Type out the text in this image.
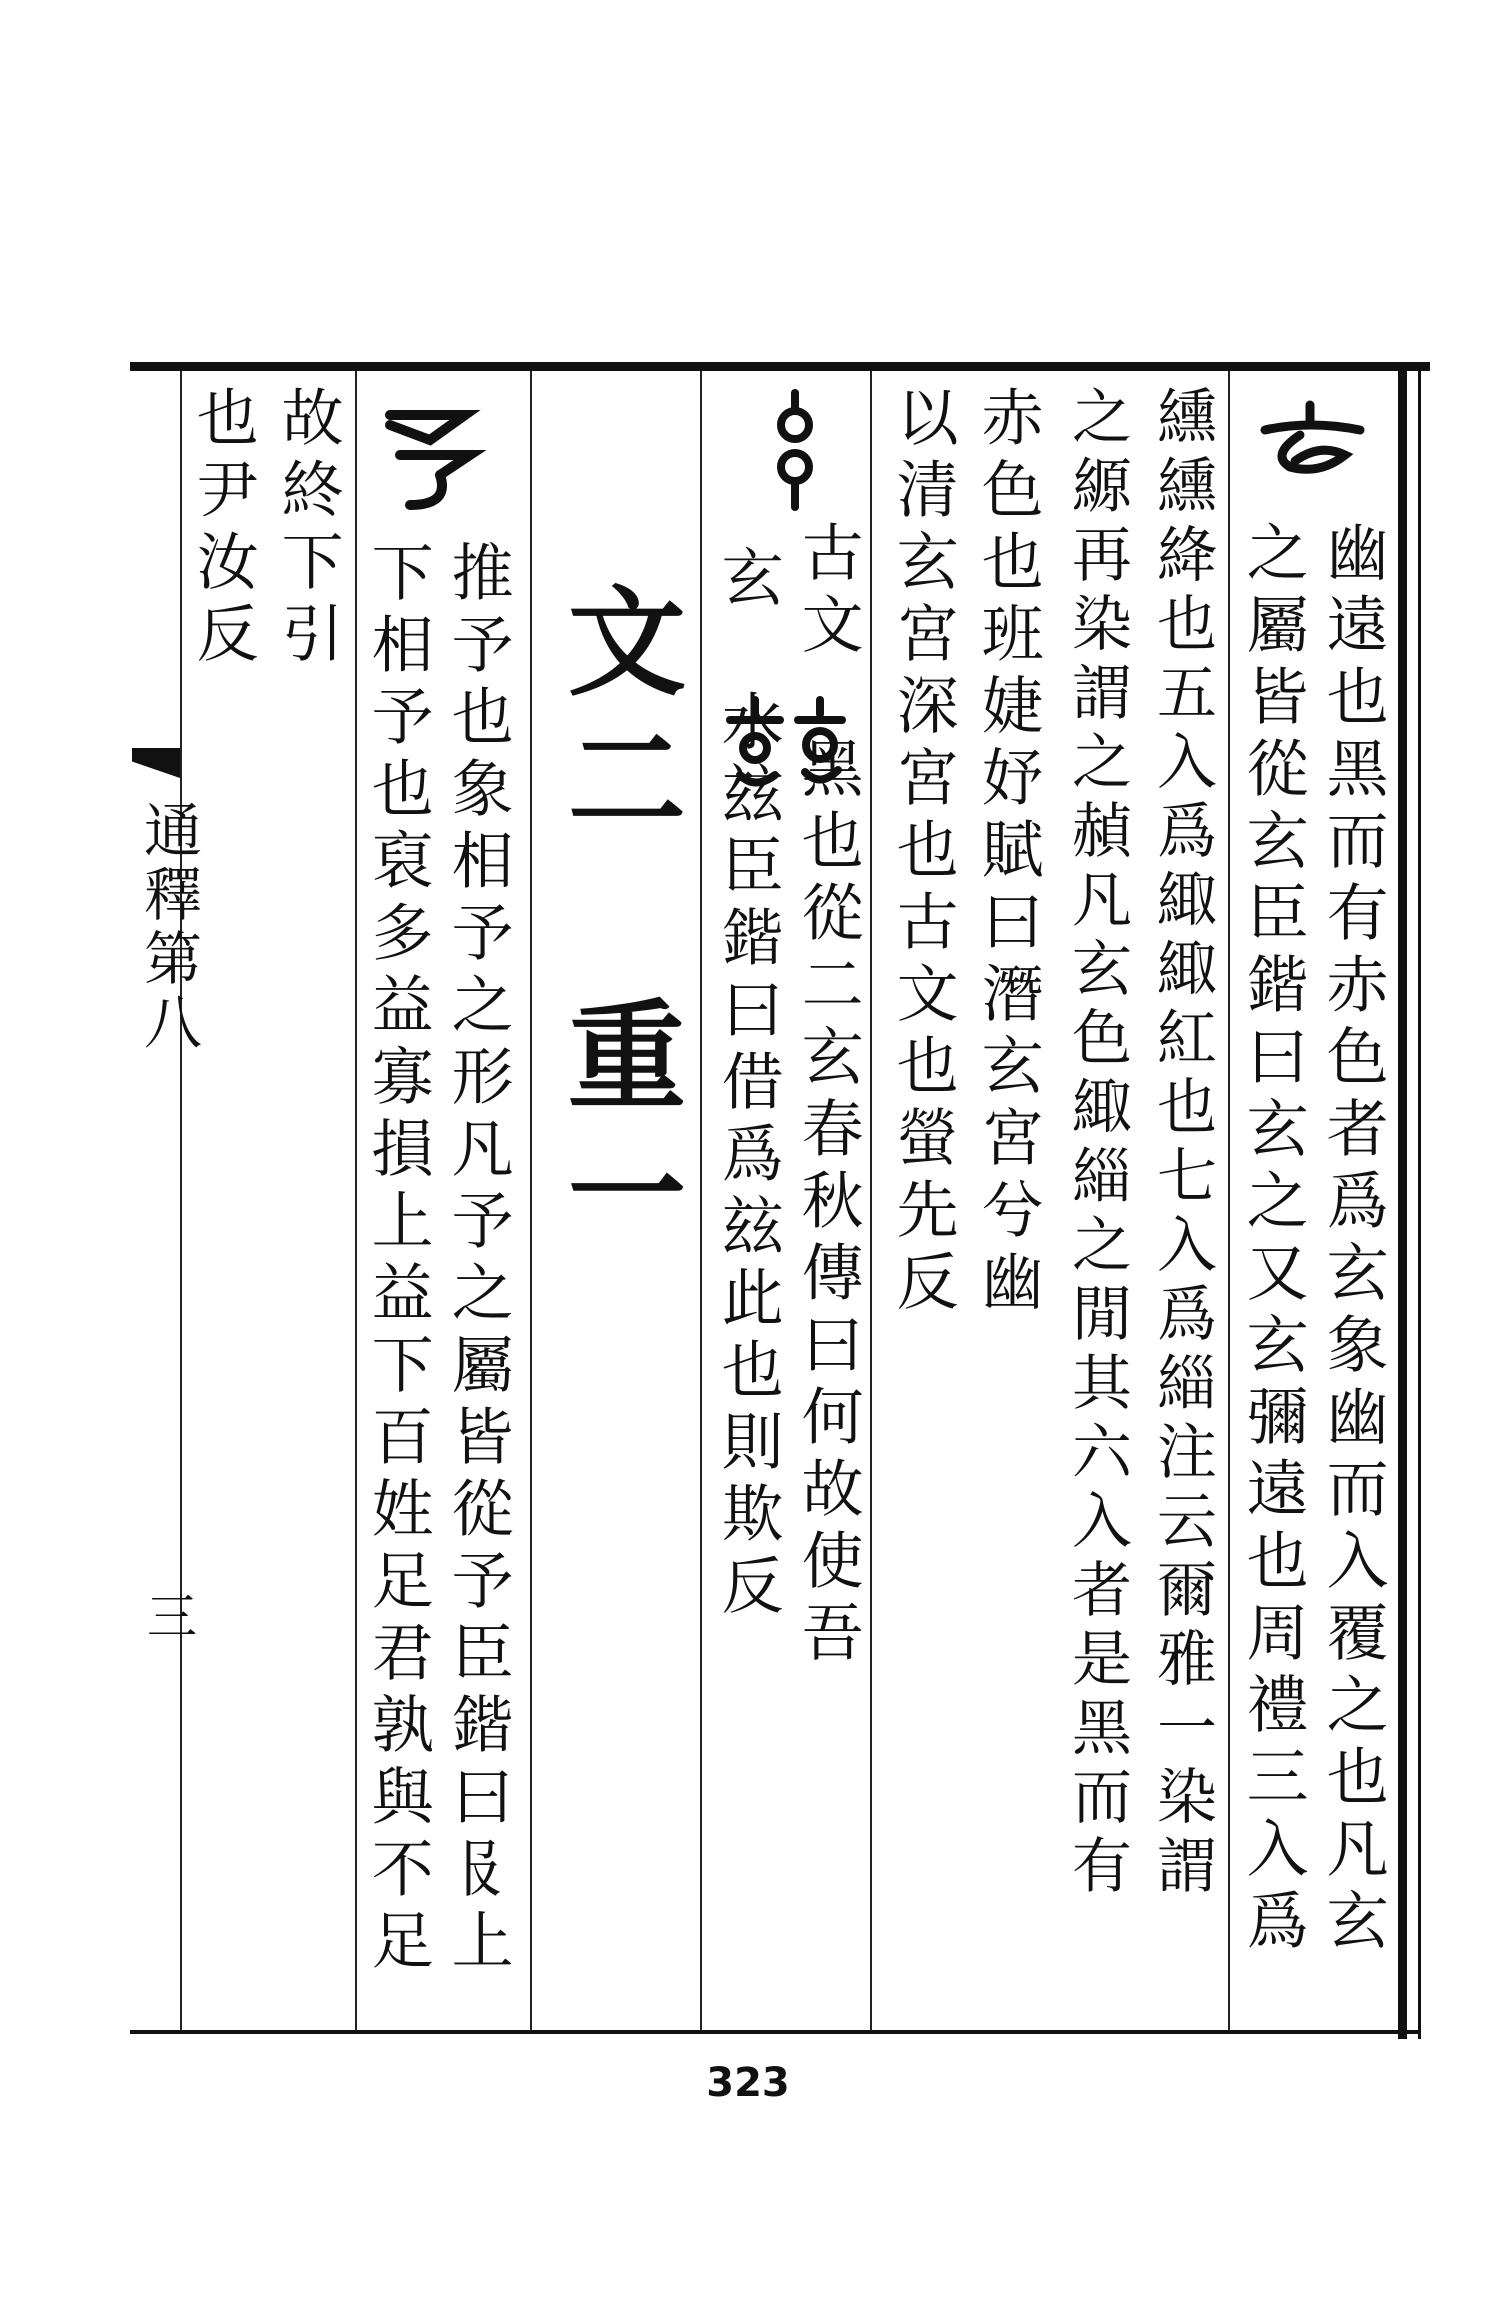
通釋第八
三	幽遠也黑而有赤色者爲玄象幽而入覆之也凡玄
之屬皆從玄臣鍇曰玄之又玄彌遠也周禮三入爲
纁纁絳也五入爲緅緅紅也七入爲緇注云爾雅一染謂
之縓再染謂之赬凡玄色緅緇之閒其六入者是黑而有
赤色也班婕妤賦曰潛玄宮兮幽
以清玄宮深宮也古文也螢先反
古文　黑也從二玄春秋傳曰何故使吾
玄　水玆臣鍇曰借爲玆此也則欺反
文二　重一
推予也象相予之形凡予之屬皆從予臣鍇曰𠬝上
下相予也裒多益寡損上益下百姓足君孰與不足
故終下引
也尹汝反
323
